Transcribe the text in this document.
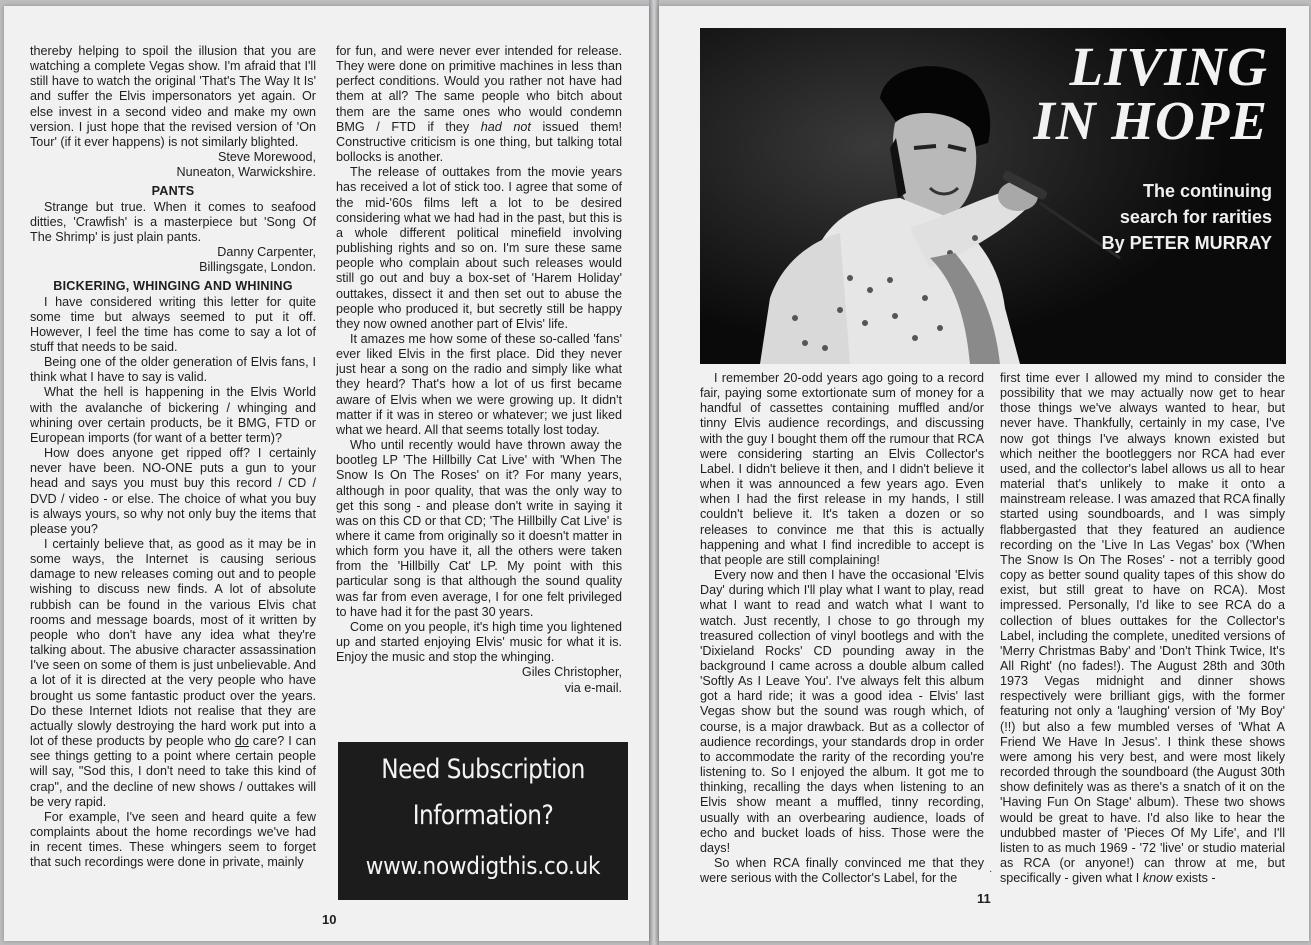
thereby helping to spoil the illusion that you are watching a complete Vegas show. I'm afraid that I'll still have to watch the original 'That's The Way It Is' and suffer the Elvis impersonators yet again. Or else invest in a second video and make my own version. I just hope that the revised version of 'On Tour' (if it ever happens) is not similarly blighted.

Steve Morewood,
Nuneaton, Warwickshire.
PANTS

Strange but true. When it comes to seafood ditties, 'Crawfish' is a masterpiece but 'Song Of The Shrimp' is just plain pants.

Danny Carpenter,
Billingsgate, London.
BICKERING, WHINGING AND WHINING

I have considered writing this letter for quite some time but always seemed to put it off. However, I feel the time has come to say a lot of stuff that needs to be said.

Being one of the older generation of Elvis fans, I think what I have to say is valid.

What the hell is happening in the Elvis World with the avalanche of bickering / whinging and whining over certain products, be it BMG, FTD or European imports (for want of a better term)?

How does anyone get ripped off? I certainly never have been. NO-ONE puts a gun to your head and says you must buy this record / CD / DVD / video - or else. The choice of what you buy is always yours, so why not only buy the items that please you?

I certainly believe that, as good as it may be in some ways, the Internet is causing serious damage to new releases coming out and to people wishing to discuss new finds. A lot of absolute rubbish can be found in the various Elvis chat rooms and message boards, most of it written by people who don't have any idea what they're talking about. The abusive character assassination I've seen on some of them is just unbelievable. And a lot of it is directed at the very people who have brought us some fantastic product over the years. Do these Internet Idiots not realise that they are actually slowly destroying the hard work put into a lot of these products by people who do care? I can see things getting to a point where certain people will say, "Sod this, I don't need to take this kind of crap", and the decline of new shows / outtakes will be very rapid.

For example, I've seen and heard quite a few complaints about the home recordings we've had in recent times. These whingers seem to forget that such recordings were done in private, mainly

for fun, and were never ever intended for release. They were done on primitive machines in less than perfect conditions. Would you rather not have had them at all? The same people who bitch about them are the same ones who would condemn BMG / FTD if they had not issued them! Constructive criticism is one thing, but talking total bollocks is another.

The release of outtakes from the movie years has received a lot of stick too. I agree that some of the mid-'60s films left a lot to be desired considering what we had had in the past, but this is a whole different political minefield involving publishing rights and so on. I'm sure these same people who complain about such releases would still go out and buy a box-set of 'Harem Holiday' outtakes, dissect it and then set out to abuse the people who produced it, but secretly still be happy they now owned another part of Elvis' life.

It amazes me how some of these so-called 'fans' ever liked Elvis in the first place. Did they never just hear a song on the radio and simply like what they heard? That's how a lot of us first became aware of Elvis when we were growing up. It didn't matter if it was in stereo or whatever; we just liked what we heard. All that seems totally lost today.

Who until recently would have thrown away the bootleg LP 'The Hillbilly Cat Live' with 'When The Snow Is On The Roses' on it? For many years, although in poor quality, that was the only way to get this song - and please don't write in saying it was on this CD or that CD; 'The Hillbilly Cat Live' is where it came from originally so it doesn't matter in which form you have it, all the others were taken from the 'Hillbilly Cat' LP. My point with this particular song is that although the sound quality was far from even average, I for one felt privileged to have had it for the past 30 years.

Come on you people, it's high time you lightened up and started enjoying Elvis' music for what it is. Enjoy the music and stop the whinging.

Giles Christopher,
via e-mail.
Need Subscription
Information?
www.nowdigthis.co.uk
10
LIVING
IN HOPE
The continuing
search for rarities
By PETER MURRAY

I remember 20-odd years ago going to a record fair, paying some extortionate sum of money for a handful of cassettes containing muffled and/or tinny Elvis audience recordings, and discussing with the guy I bought them off the rumour that RCA were considering starting an Elvis Collector's Label. I didn't believe it then, and I didn't believe it when it was announced a few years ago. Even when I had the first release in my hands, I still couldn't believe it. It's taken a dozen or so releases to convince me that this is actually happening and what I find incredible to accept is that people are still complaining!

Every now and then I have the occasional 'Elvis Day' during which I'll play what I want to play, read what I want to read and watch what I want to watch. Just recently, I chose to go through my treasured collection of vinyl bootlegs and with the 'Dixieland Rocks' CD pounding away in the background I came across a double album called 'Softly As I Leave You'. I've always felt this album got a hard ride; it was a good idea - Elvis' last Vegas show but the sound was rough which, of course, is a major drawback. But as a collector of audience recordings, your standards drop in order to accommodate the rarity of the recording you're listening to. So I enjoyed the album. It got me to thinking, recalling the days when listening to an Elvis show meant a muffled, tinny recording, usually with an overbearing audience, loads of echo and bucket loads of hiss. Those were the days!

So when RCA finally convinced me that they were serious with the Collector's Label, for the	·

first time ever I allowed my mind to consider the possibility that we may actually now get to hear those things we've always wanted to hear, but never have. Thankfully, certainly in my case, I've now got things I've always known existed but which neither the bootleggers nor RCA had ever used, and the collector's label allows us all to hear material that's unlikely to make it onto a mainstream release. I was amazed that RCA finally started using soundboards, and I was simply flabbergasted that they featured an audience recording on the 'Live In Las Vegas' box ('When The Snow Is On The Roses' - not a terribly good copy as better sound quality tapes of this show do exist, but still great to have on RCA). Most impressed. Personally, I'd like to see RCA do a collection of blues outtakes for the Collector's Label, including the complete, unedited versions of 'Merry Christmas Baby' and 'Don't Think Twice, It's All Right' (no fades!). The August 28th and 30th 1973 Vegas midnight and dinner shows respectively were brilliant gigs, with the former featuring not only a 'laughing' version of 'My Boy' (!!) but also a few mumbled verses of 'What A Friend We Have In Jesus'. I think these shows were among his very best, and were most likely recorded through the soundboard (the August 30th show definitely was as there's a snatch of it on the 'Having Fun On Stage' album). These two shows would be great to have. I'd also like to hear the undubbed master of 'Pieces Of My Life', and I'll listen to as much 1969 - '72 'live' or studio material as RCA (or anyone!) can throw at me, but specifically - given what I know exists -

11
